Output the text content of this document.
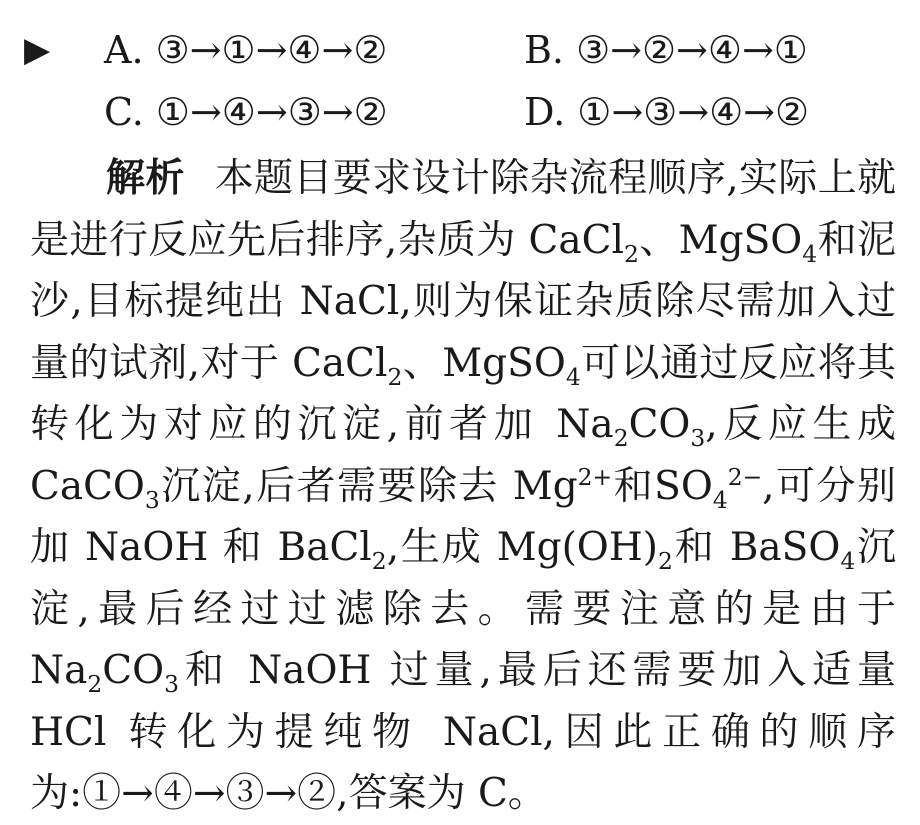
▶ A. ③→①→④→②	B. ③→②→④→①
C. ①→④→③→②	D. ①→③→④→②
解析 本题目要求设计除杂流程顺序,实际上就是进行反应先后排序,杂质为 CaCl$_2$、MgSO$_4$和泥沙,目标提纯出 NaCl,则为保证杂质除尽需加入过量的试剂,对于 CaCl$_2$、MgSO$_4$可以通过反应将其转化为对应的沉淀,前者加 $Na_2CO_3$,反应生成 CaCO$_3$沉淀,后者需要除去 $Mg^{2+}$和$SO_4^{2-}$,可分别加 NaOH 和 BaCl$_2$,生成 $Mg(OH)_2$和 BaSO$_4$沉淀,最后经过过滤除去。需要注意的是由于 $Na_2CO_3$和 NaOH 过量,最后还需要加入适量 HCl 转化为提纯物 NaCl,因此正确的顺序为:①→④→③→②,答案为 C。
